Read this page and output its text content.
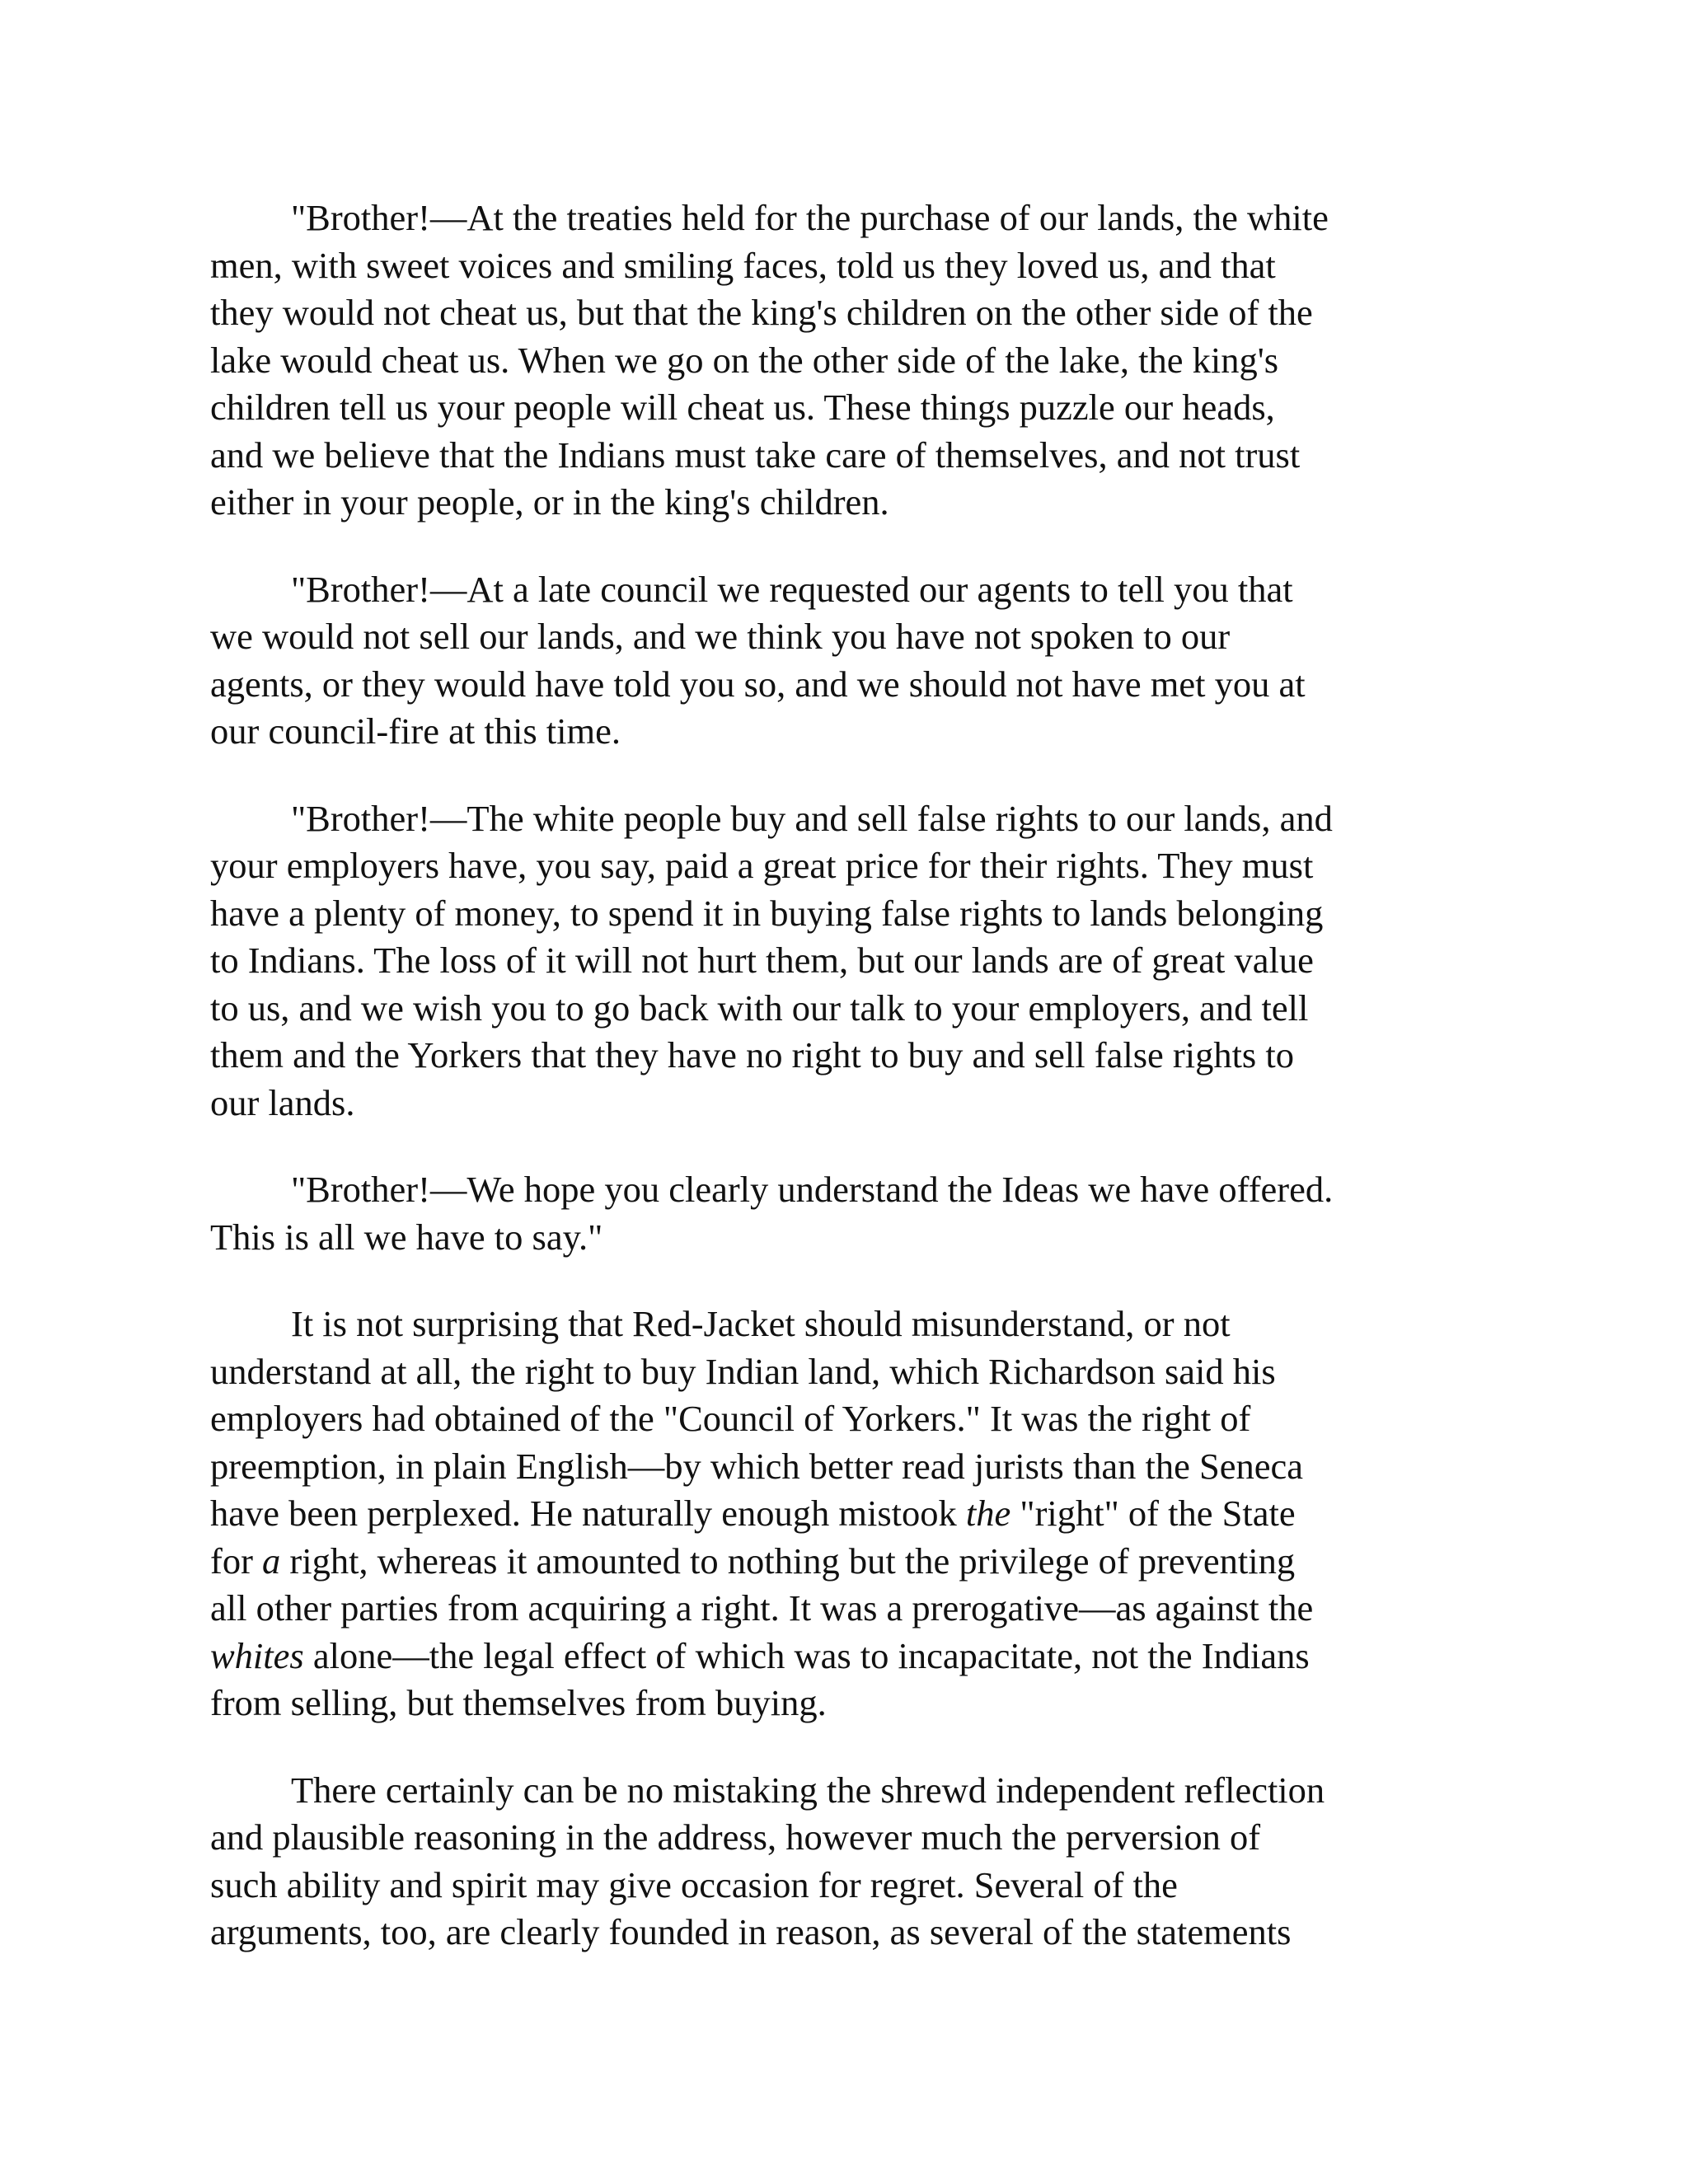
"Brother!—At the treaties held for the purchase of our lands, the white
men, with sweet voices and smiling faces, told us they loved us, and that
they would not cheat us, but that the king's children on the other side of the
lake would cheat us. When we go on the other side of the lake, the king's
children tell us your people will cheat us. These things puzzle our heads,
and we believe that the Indians must take care of themselves, and not trust
either in your people, or in the king's children.
"Brother!—At a late council we requested our agents to tell you that
we would not sell our lands, and we think you have not spoken to our
agents, or they would have told you so, and we should not have met you at
our council-fire at this time.
"Brother!—The white people buy and sell false rights to our lands, and
your employers have, you say, paid a great price for their rights. They must
have a plenty of money, to spend it in buying false rights to lands belonging
to Indians. The loss of it will not hurt them, but our lands are of great value
to us, and we wish you to go back with our talk to your employers, and tell
them and the Yorkers that they have no right to buy and sell false rights to
our lands.
"Brother!—We hope you clearly understand the Ideas we have offered.
This is all we have to say."
It is not surprising that Red-Jacket should misunderstand, or not
understand at all, the right to buy Indian land, which Richardson said his
employers had obtained of the "Council of Yorkers." It was the right of
preemption, in plain English—by which better read jurists than the Seneca
have been perplexed. He naturally enough mistook the "right" of the State
for a right, whereas it amounted to nothing but the privilege of preventing
all other parties from acquiring a right. It was a prerogative—as against the
whites alone—the legal effect of which was to incapacitate, not the Indians
from selling, but themselves from buying.
There certainly can be no mistaking the shrewd independent reflection
and plausible reasoning in the address, however much the perversion of
such ability and spirit may give occasion for regret. Several of the
arguments, too, are clearly founded in reason, as several of the statements
